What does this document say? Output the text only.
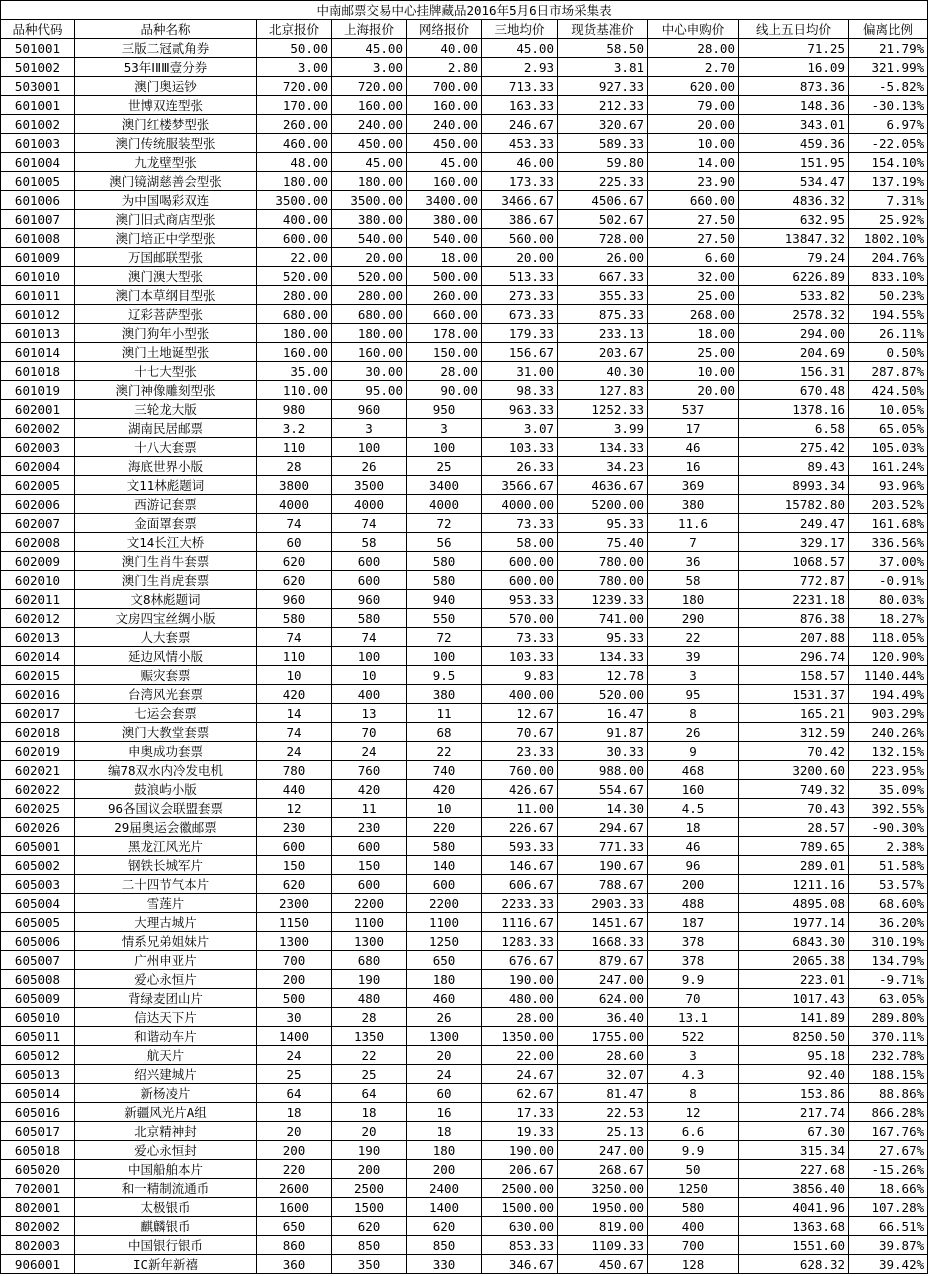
中南邮票交易中心挂牌藏品2016年5月6日市场采集表									
品种代码	品种名称	北京报价	上海报价	网络报价	三地均价	现货基准价	中心申购价	线上五日均价	偏离比例
501001	三版二冠贰角券	50.00	45.00	40.00	45.00	58.50	28.00	71.25	21.79%
501002	53年ⅠⅡⅢ壹分券	3.00	3.00	2.80	2.93	3.81	2.70	16.09	321.99%
503001	澳门奥运钞	720.00	720.00	700.00	713.33	927.33	620.00	873.36	-5.82%
601001	世博双连型张	170.00	160.00	160.00	163.33	212.33	79.00	148.36	-30.13%
601002	澳门红楼梦型张	260.00	240.00	240.00	246.67	320.67	20.00	343.01	6.97%
601003	澳门传统服装型张	460.00	450.00	450.00	453.33	589.33	10.00	459.36	-22.05%
601004	九龙壁型张	48.00	45.00	45.00	46.00	59.80	14.00	151.95	154.10%
601005	澳门镜湖慈善会型张	180.00	180.00	160.00	173.33	225.33	23.90	534.47	137.19%
601006	为中国喝彩双连	3500.00	3500.00	3400.00	3466.67	4506.67	660.00	4836.32	7.31%
601007	澳门旧式商店型张	400.00	380.00	380.00	386.67	502.67	27.50	632.95	25.92%
601008	澳门培正中学型张	600.00	540.00	540.00	560.00	728.00	27.50	13847.32	1802.10%
601009	万国邮联型张	22.00	20.00	18.00	20.00	26.00	6.60	79.24	204.76%
601010	澳门澳大型张	520.00	520.00	500.00	513.33	667.33	32.00	6226.89	833.10%
601011	澳门本草纲目型张	280.00	280.00	260.00	273.33	355.33	25.00	533.82	50.23%
601012	辽彩菩萨型张	680.00	680.00	660.00	673.33	875.33	268.00	2578.32	194.55%
601013	澳门狗年小型张	180.00	180.00	178.00	179.33	233.13	18.00	294.00	26.11%
601014	澳门土地诞型张	160.00	160.00	150.00	156.67	203.67	25.00	204.69	0.50%
601018	十七大型张	35.00	30.00	28.00	31.00	40.30	10.00	156.31	287.87%
601019	澳门神像雕刻型张	110.00	95.00	90.00	98.33	127.83	20.00	670.48	424.50%
602001	三轮龙大版	980	960	950	963.33	1252.33	537	1378.16	10.05%
602002	湖南民居邮票	3.2	3	3	3.07	3.99	17	6.58	65.05%
602003	十八大套票	110	100	100	103.33	134.33	46	275.42	105.03%
602004	海底世界小版	28	26	25	26.33	34.23	16	89.43	161.24%
602005	文11林彪题词	3800	3500	3400	3566.67	4636.67	369	8993.34	93.96%
602006	西游记套票	4000	4000	4000	4000.00	5200.00	380	15782.80	203.52%
602007	金面罩套票	74	74	72	73.33	95.33	11.6	249.47	161.68%
602008	文14长江大桥	60	58	56	58.00	75.40	7	329.17	336.56%
602009	澳门生肖牛套票	620	600	580	600.00	780.00	36	1068.57	37.00%
602010	澳门生肖虎套票	620	600	580	600.00	780.00	58	772.87	-0.91%
602011	文8林彪题词	960	960	940	953.33	1239.33	180	2231.18	80.03%
602012	文房四宝丝绸小版	580	580	550	570.00	741.00	290	876.38	18.27%
602013	人大套票	74	74	72	73.33	95.33	22	207.88	118.05%
602014	延边风情小版	110	100	100	103.33	134.33	39	296.74	120.90%
602015	赈灾套票	10	10	9.5	9.83	12.78	3	158.57	1140.44%
602016	台湾风光套票	420	400	380	400.00	520.00	95	1531.37	194.49%
602017	七运会套票	14	13	11	12.67	16.47	8	165.21	903.29%
602018	澳门大教堂套票	74	70	68	70.67	91.87	26	312.59	240.26%
602019	申奥成功套票	24	24	22	23.33	30.33	9	70.42	132.15%
602021	编78双水内冷发电机	780	760	740	760.00	988.00	468	3200.60	223.95%
602022	鼓浪屿小版	440	420	420	426.67	554.67	160	749.32	35.09%
602025	96各国议会联盟套票	12	11	10	11.00	14.30	4.5	70.43	392.55%
602026	29届奥运会徽邮票	230	230	220	226.67	294.67	18	28.57	-90.30%
605001	黑龙江风光片	600	600	580	593.33	771.33	46	789.65	2.38%
605002	钢铁长城军片	150	150	140	146.67	190.67	96	289.01	51.58%
605003	二十四节气本片	620	600	600	606.67	788.67	200	1211.16	53.57%
605004	雪莲片	2300	2200	2200	2233.33	2903.33	488	4895.08	68.60%
605005	大理古城片	1150	1100	1100	1116.67	1451.67	187	1977.14	36.20%
605006	情系兄弟姐妹片	1300	1300	1250	1283.33	1668.33	378	6843.30	310.19%
605007	广州申亚片	700	680	650	676.67	879.67	378	2065.38	134.79%
605008	爱心永恒片	200	190	180	190.00	247.00	9.9	223.01	-9.71%
605009	背绿麦团山片	500	480	460	480.00	624.00	70	1017.43	63.05%
605010	信达天下片	30	28	26	28.00	36.40	13.1	141.89	289.80%
605011	和谐动车片	1400	1350	1300	1350.00	1755.00	522	8250.50	370.11%
605012	航天片	24	22	20	22.00	28.60	3	95.18	232.78%
605013	绍兴建城片	25	25	24	24.67	32.07	4.3	92.40	188.15%
605014	新杨凌片	64	64	60	62.67	81.47	8	153.86	88.86%
605016	新疆风光片A组	18	18	16	17.33	22.53	12	217.74	866.28%
605017	北京精神封	20	20	18	19.33	25.13	6.6	67.30	167.76%
605018	爱心永恒封	200	190	180	190.00	247.00	9.9	315.34	27.67%
605020	中国船舶本片	220	200	200	206.67	268.67	50	227.68	-15.26%
702001	和一精制流通币	2600	2500	2400	2500.00	3250.00	1250	3856.40	18.66%
802001	太极银币	1600	1500	1400	1500.00	1950.00	580	4041.96	107.28%
802002	麒麟银币	650	620	620	630.00	819.00	400	1363.68	66.51%
802003	中国银行银币	860	850	850	853.33	1109.33	700	1551.60	39.87%
906001	IC新年新禧	360	350	330	346.67	450.67	128	628.32	39.42%
